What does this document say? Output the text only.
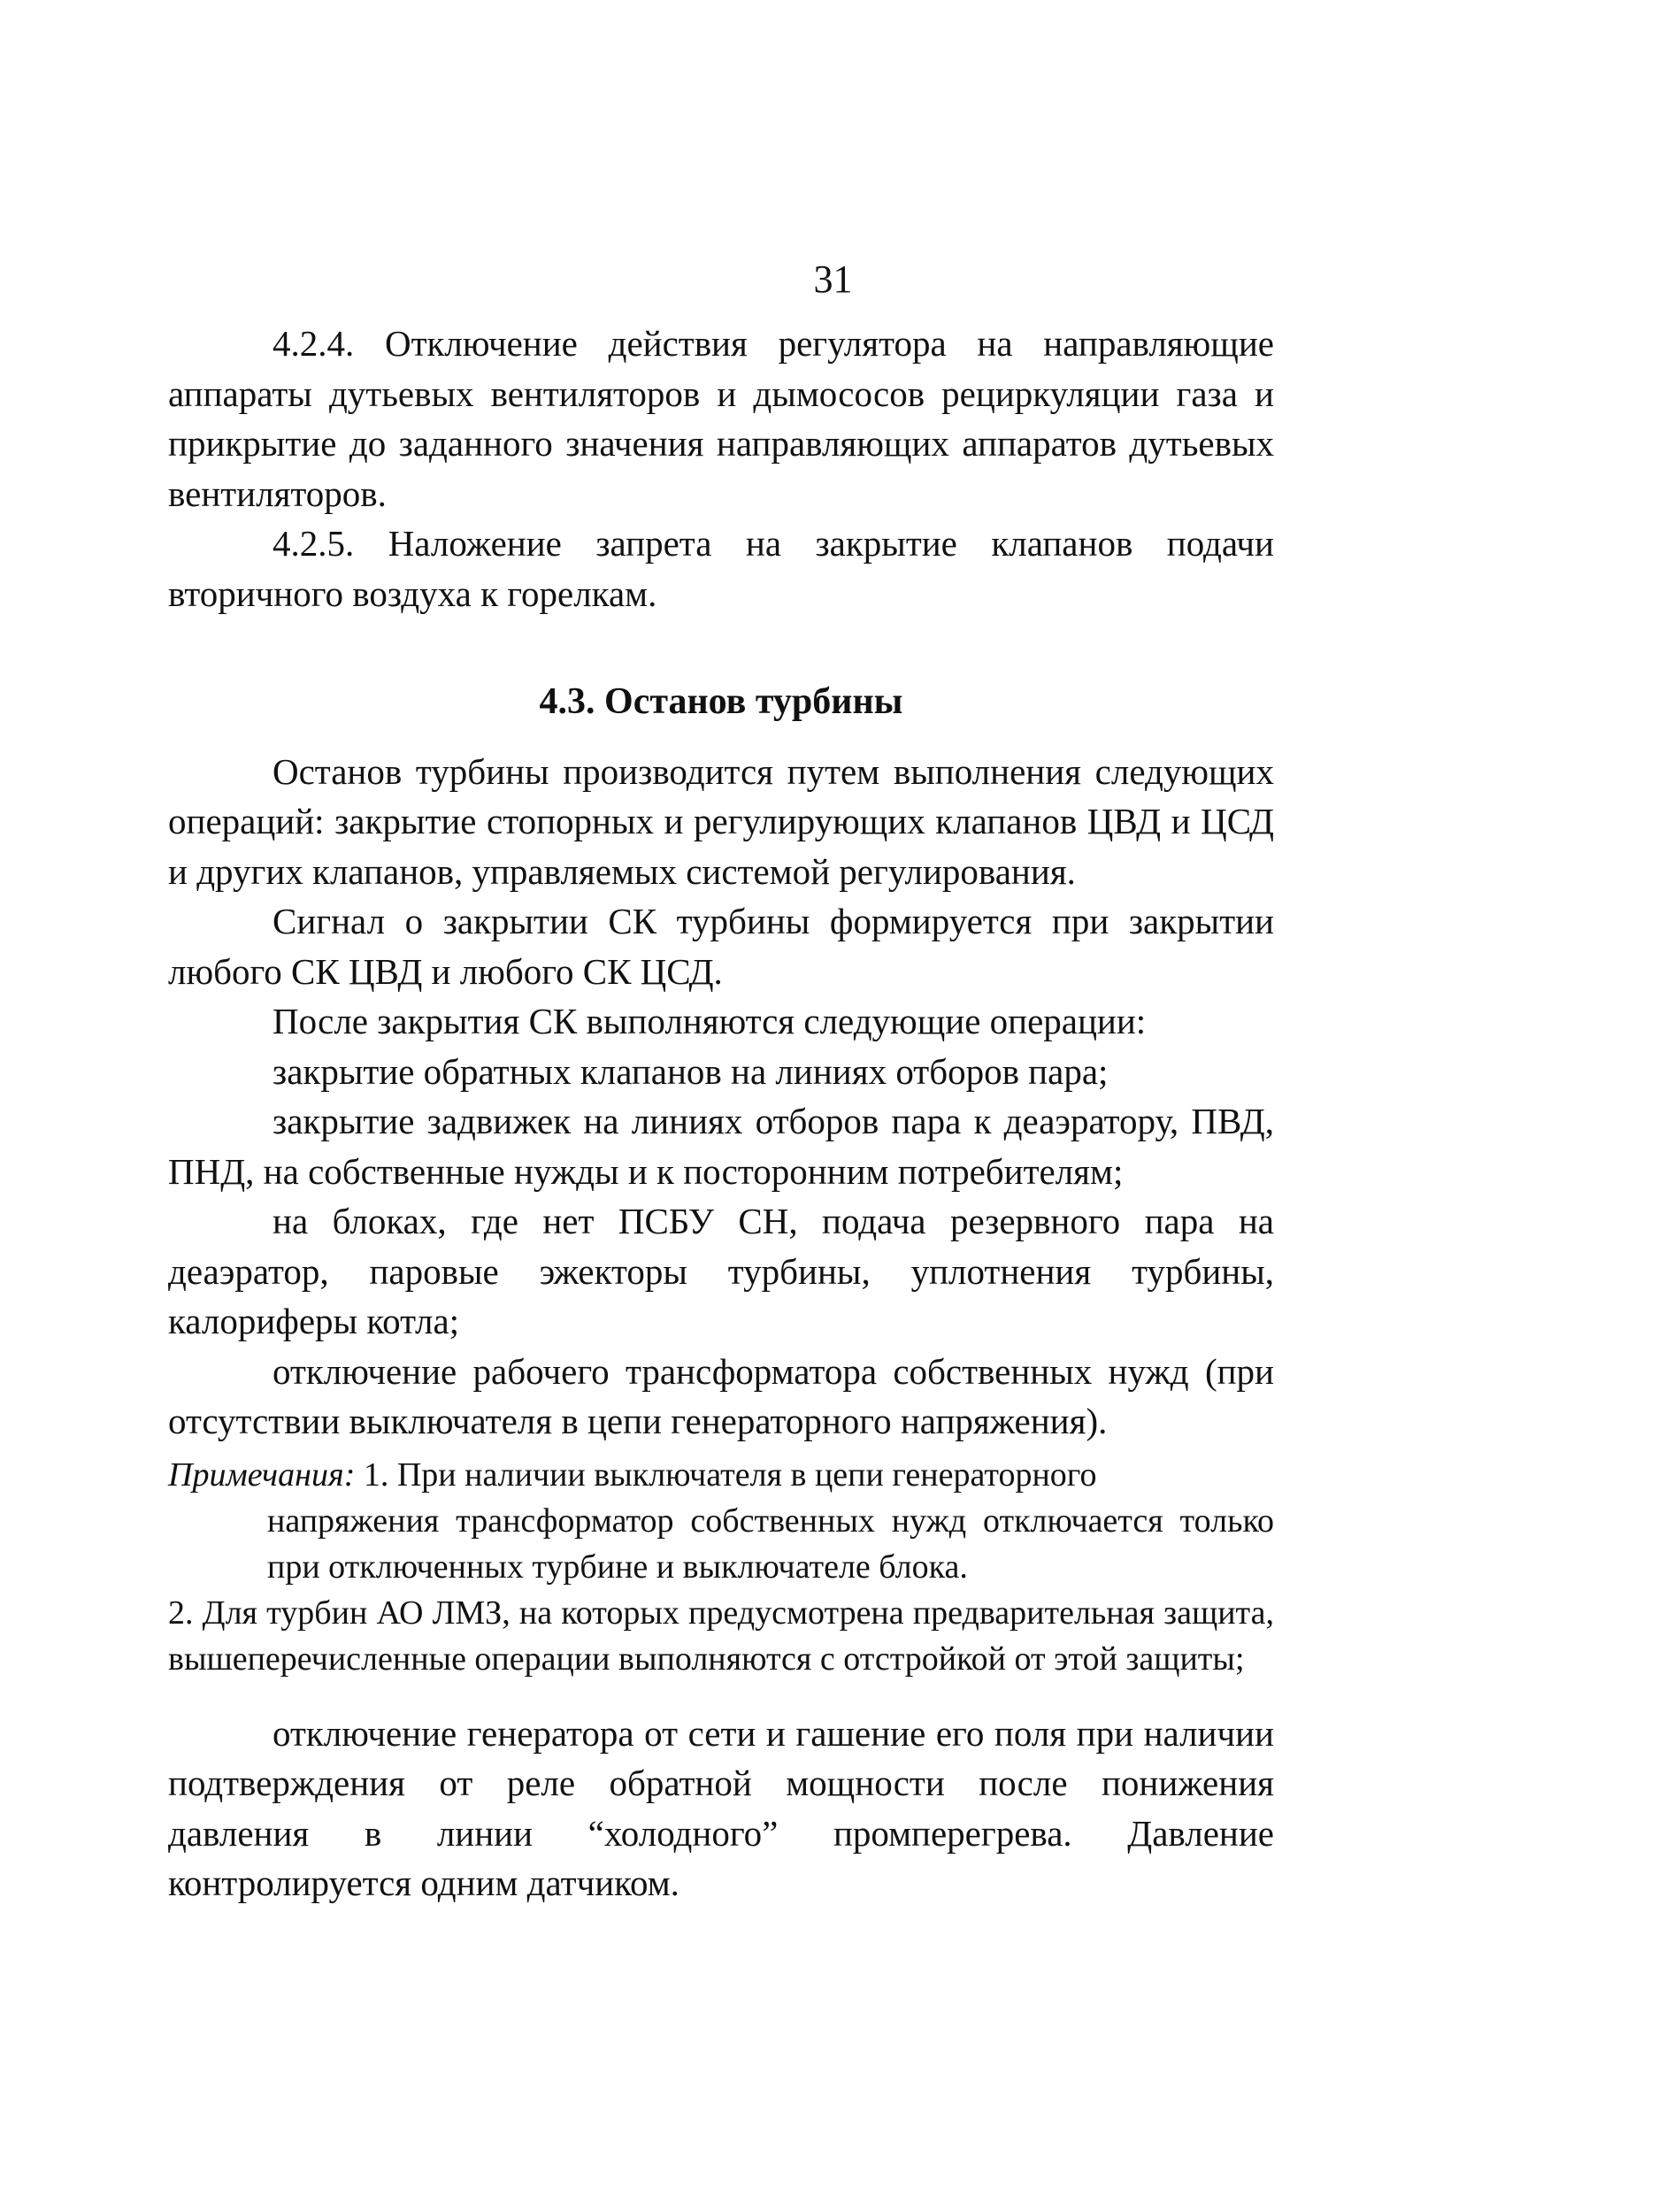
31

4.2.4. Отключение действия регулятора на направляющие аппараты дутьевых вентиляторов и дымососов рециркуляции газа и прикрытие до заданного значения направляющих аппаратов дутьевых вентиляторов.

4.2.5. Наложение запрета на закрытие клапанов подачи вторичного воздуха к горелкам.

4.3. Останов турбины

Останов турбины производится путем выполнения следующих операций: закрытие стопорных и регулирующих клапанов ЦВД и ЦСД и других клапанов, управляемых системой регулирования.

Сигнал о закрытии СК турбины формируется при закрытии любого СК ЦВД и любого СК ЦСД.

После закрытия СК выполняются следующие операции:

закрытие обратных клапанов на линиях отборов пара;

закрытие задвижек на линиях отборов пара к деаэратору, ПВД, ПНД, на собственные нужды и к посторонним потребителям;

на блоках, где нет ПСБУ СН, подача резервного пара на деаэратор, паровые эжекторы турбины, уплотнения турбины, калориферы котла;

отключение рабочего трансформатора собственных нужд (при отсутствии выключателя в цепи генераторного напряжения).

Примечания: 1. При наличии выключателя в цепи генераторного
напряжения трансформатор собственных нужд отключается только при отключенных турбине и выключателе блока.

2. Для турбин АО ЛМЗ, на которых предусмотрена предварительная защита, вышеперечисленные операции выполняются с отстройкой от этой защиты;

отключение генератора от сети и гашение его поля при наличии подтверждения от реле обратной мощности после понижения давления в линии “холодного” промперегрева. Давление контролируется одним датчиком.
